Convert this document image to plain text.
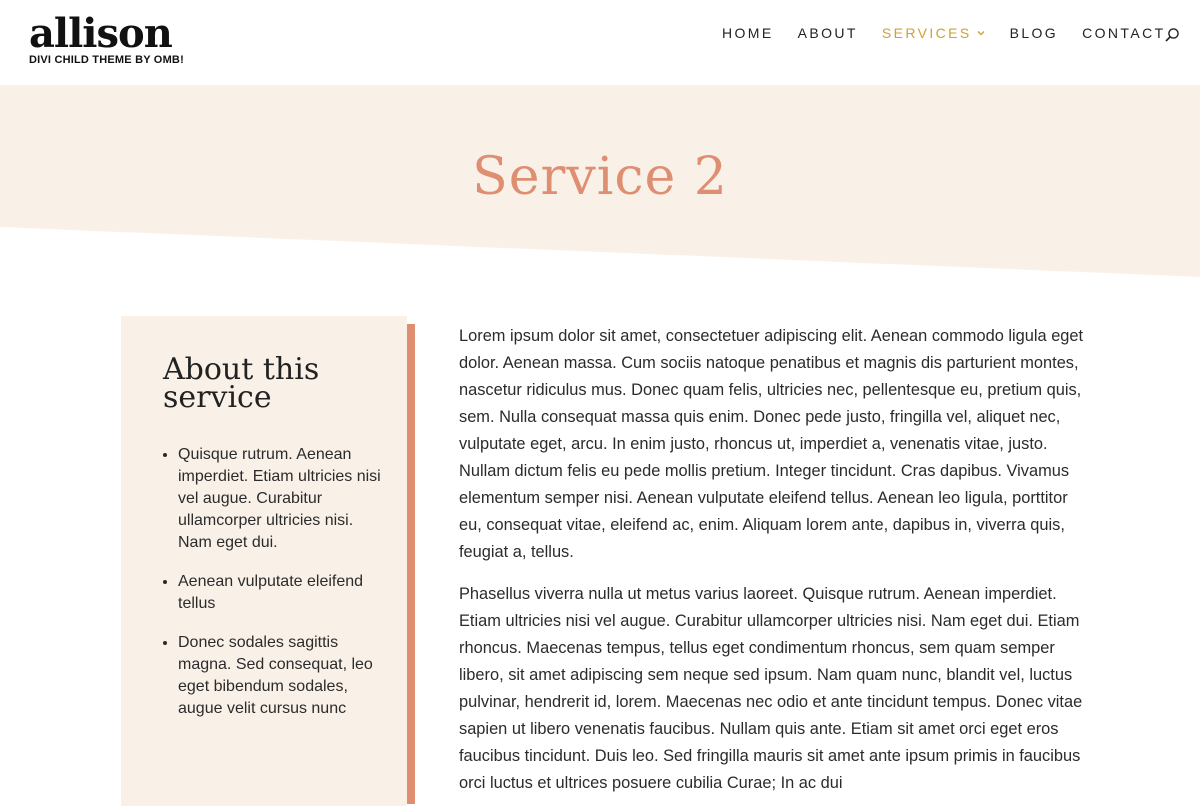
allison
DIVI CHILD THEME BY OMB!
HOME ABOUT SERVICES	BLOG CONTACT
Service 2
About this service
• Quisque rutrum. Aenean imperdiet. Etiam ultricies nisi vel augue. Curabitur ullamcorper ultricies nisi. Nam eget dui.
• Aenean vulputate eleifend tellus
• Donec sodales sagittis magna. Sed consequat, leo eget bibendum sodales, augue velit cursus nunc

Lorem ipsum dolor sit amet, consectetuer adipiscing elit. Aenean commodo ligula eget dolor. Aenean massa. Cum sociis natoque penatibus et magnis dis parturient montes, nascetur ridiculus mus. Donec quam felis, ultricies nec, pellentesque eu, pretium quis, sem. Nulla consequat massa quis enim. Donec pede justo, fringilla vel, aliquet nec, vulputate eget, arcu. In enim justo, rhoncus ut, imperdiet a, venenatis vitae, justo. Nullam dictum felis eu pede mollis pretium. Integer tincidunt. Cras dapibus. Vivamus elementum semper nisi. Aenean vulputate eleifend tellus. Aenean leo ligula, porttitor eu, consequat vitae, eleifend ac, enim. Aliquam lorem ante, dapibus in, viverra quis, feugiat a, tellus.

Phasellus viverra nulla ut metus varius laoreet. Quisque rutrum. Aenean imperdiet. Etiam ultricies nisi vel augue. Curabitur ullamcorper ultricies nisi. Nam eget dui. Etiam rhoncus. Maecenas tempus, tellus eget condimentum rhoncus, sem quam semper libero, sit amet adipiscing sem neque sed ipsum. Nam quam nunc, blandit vel, luctus pulvinar, hendrerit id, lorem. Maecenas nec odio et ante tincidunt tempus. Donec vitae sapien ut libero venenatis faucibus. Nullam quis ante. Etiam sit amet orci eget eros faucibus tincidunt. Duis leo. Sed fringilla mauris sit amet ante ipsum primis in faucibus orci luctus et ultrices posuere cubilia Curae; In ac dui
